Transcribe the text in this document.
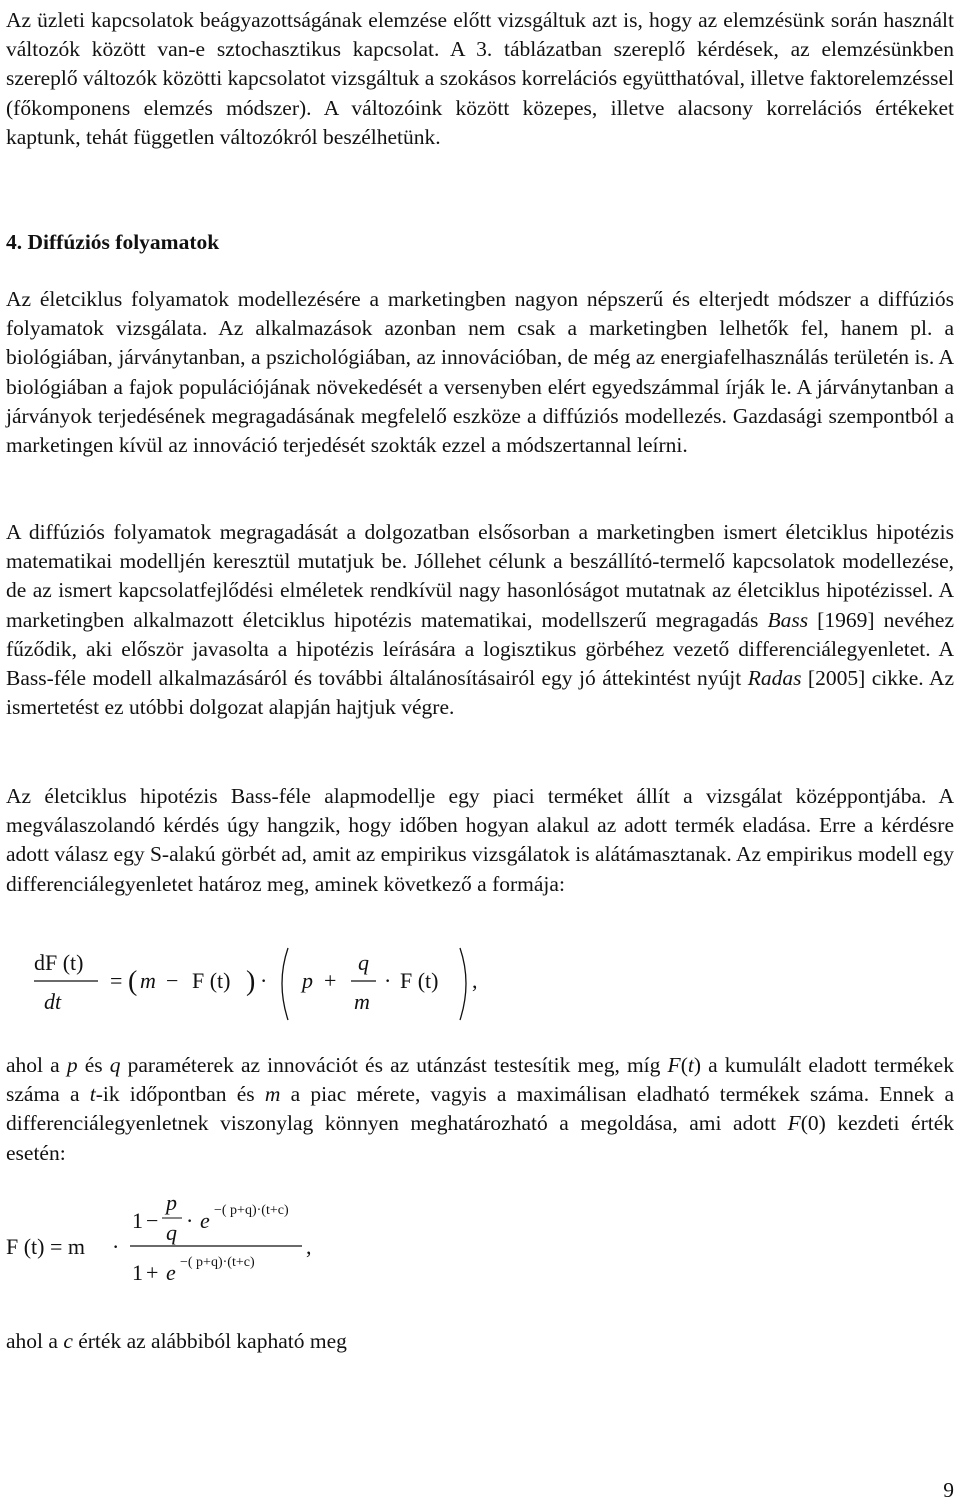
Az üzleti kapcsolatok beágyazottságának elemzése előtt vizsgáltuk azt is, hogy az elemzésünk során használt változók között van-e sztochasztikus kapcsolat. A 3. táblázatban szereplő kérdések, az elemzésünkben szereplő változók közötti kapcsolatot vizsgáltuk a szokásos korrelációs együtthatóval, illetve faktorelemzéssel (főkomponens elemzés módszer). A változóink között közepes, illetve alacsony korrelációs értékeket kaptunk, tehát független változókról beszélhetünk.

4. Diffúziós folyamatok

Az életciklus folyamatok modellezésére a marketingben nagyon népszerű és elterjedt módszer a diffúziós folyamatok vizsgálata. Az alkalmazások azonban nem csak a marketingben lelhetők fel, hanem pl. a biológiában, járványtanban, a pszichológiában, az innovációban, de még az energiafelhasználás területén is. A biológiában a fajok populációjának növekedését a versenyben elért egyedszámmal írják le. A járványtanban a járványok terjedésének megragadásának megfelelő eszköze a diffúziós modellezés. Gazdasági szempontból a marketingen kívül az innováció terjedését szokták ezzel a módszertannal leírni.

A diffúziós folyamatok megragadását a dolgozatban elsősorban a marketingben ismert életciklus hipotézis matematikai modelljén keresztül mutatjuk be. Jóllehet célunk a beszállító-termelő kapcsolatok modellezése, de az ismert kapcsolatfejlődési elméletek rendkívül nagy hasonlóságot mutatnak az életciklus hipotézissel. A marketingben alkalmazott életciklus hipotézis matematikai, modellszerű megragadás Bass [1969] nevéhez fűződik, aki először javasolta a hipotézis leírására a logisztikus görbéhez vezető differenciálegyenletet. A Bass-féle modell alkalmazásáról és további általánosításairól egy jó áttekintést nyújt Radas [2005] cikke. Az ismertetést ez utóbbi dolgozat alapján hajtjuk végre.

Az életciklus hipotézis Bass-féle alapmodellje egy piaci terméket állít a vizsgálat középpontjába. A megválaszolandó kérdés úgy hangzik, hogy időben hogyan alakul az adott termék eladása. Erre a kérdésre adott válasz egy S-alakú görbét ad, amit az empirikus vizsgálatok is alátámasztanak. Az empirikus modell egy differenciálegyenletet határoz meg, aminek következő a formája:

dF (t)
dt
= ( m − F (t) ) · p +
q
m
· F (t) ,

ahol a p és q paraméterek az innovációt és az utánzást testesítik meg, míg F(t) a kumulált eladott termékek száma a t-ik időpontban és m a piac mérete, vagyis a maximálisan eladható termékek száma. Ennek a differenciálegyenletnek viszonylag könnyen meghatározható a megoldása, ami adott F(0) kezdeti érték esetén:

F (t) = m ·
1 −
p
q · e −( p+q)·(t+c)
1 + e −( p+q)·(t+c)
,

ahol a c érték az alábbiból kapható meg

9
